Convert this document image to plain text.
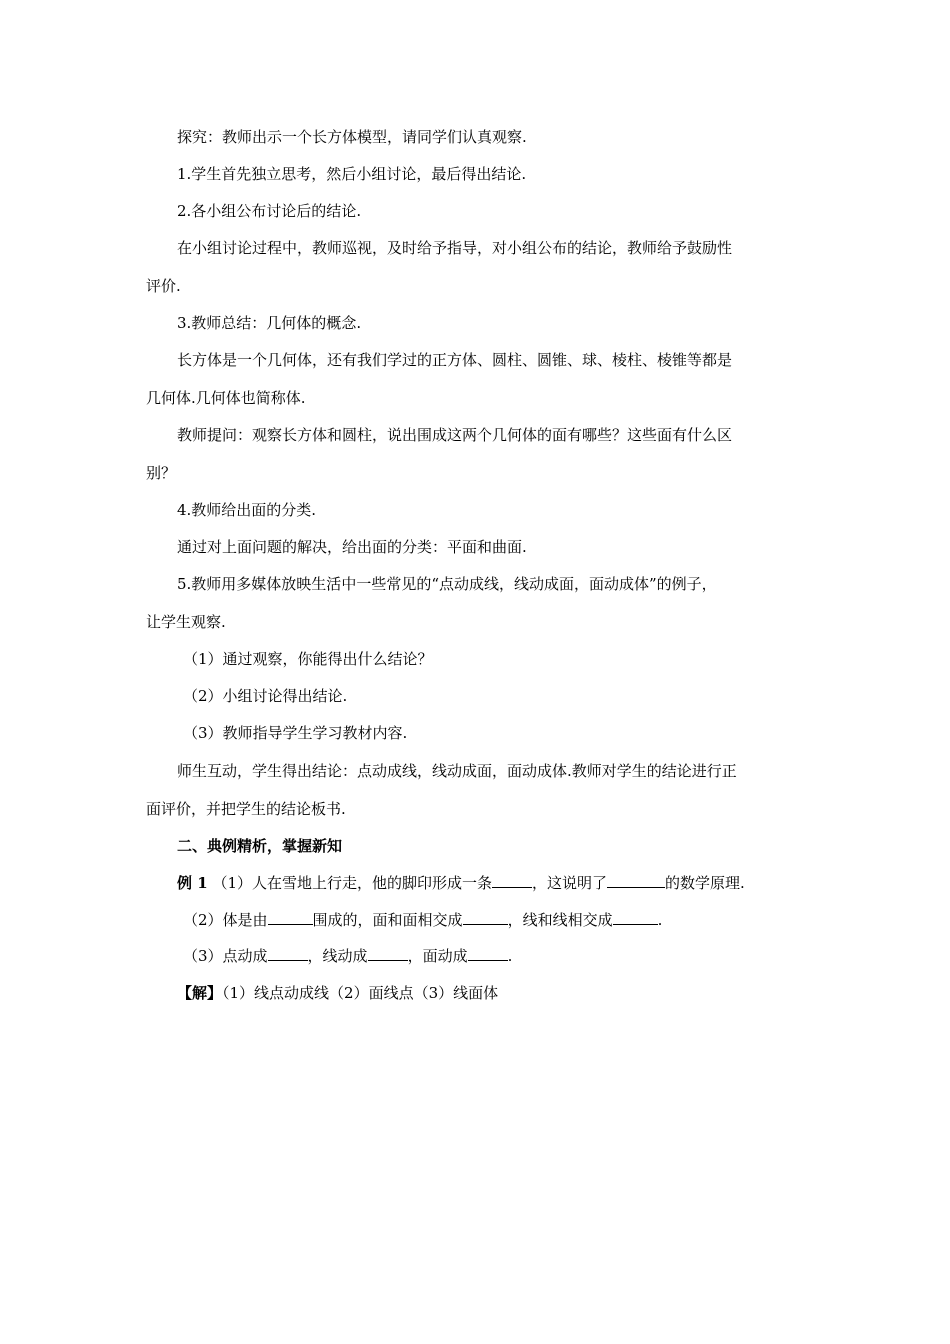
探究：教师出示一个长方体模型，请同学们认真观察.
1.学生首先独立思考，然后小组讨论，最后得出结论.
2.各小组公布讨论后的结论.
在小组讨论过程中，教师巡视，及时给予指导，对小组公布的结论，教师给予鼓励性
评价.
3.教师总结：几何体的概念.
长方体是一个几何体，还有我们学过的正方体、圆柱、圆锥、球、棱柱、棱锥等都是
几何体.几何体也简称体.
教师提问：观察长方体和圆柱，说出围成这两个几何体的面有哪些？这些面有什么区
别？
4.教师给出面的分类.
通过对上面问题的解决，给出面的分类：平面和曲面.
5.教师用多媒体放映生活中一些常见的“点动成线，线动成面，面动成体”的例子，
让学生观察.
（1）通过观察，你能得出什么结论？
（2）小组讨论得出结论.
（3）教师指导学生学习教材内容.
师生互动，学生得出结论：点动成线，线动成面，面动成体.教师对学生的结论进行正
面评价，并把学生的结论板书.
二、典例精析，掌握新知
例 1 （1）人在雪地上行走，他的脚印形成一条	，这说明了	的数学原理.
（2）体是由	围成的，面和面相交成	，线和线相交成	.
（3）点动成	，线动成	，面动成	.
【解】（1）线点动成线（2）面线点（3）线面体
